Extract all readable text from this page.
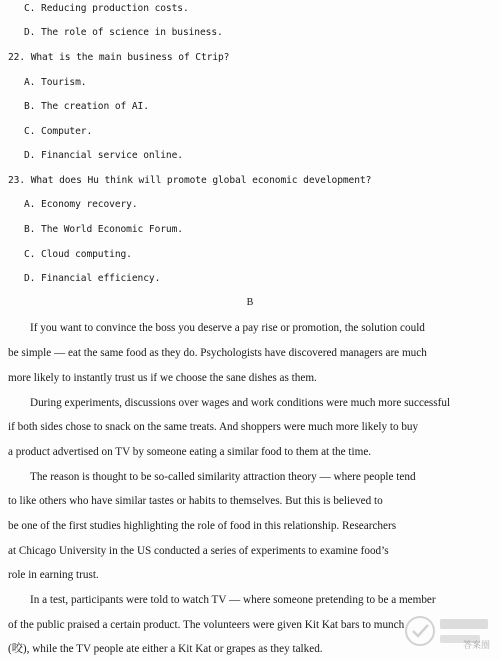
C. Reducing production costs.
D. The role of science in business.
22. What is the main business of Ctrip?
A. Tourism.
B. The creation of AI.
C. Computer.
D. Financial service online.
23. What does Hu think will promote global economic development?
A. Economy recovery.
B. The World Economic Forum.
C. Cloud computing.
D. Financial efficiency.
B
If you want to convince the boss you deserve a pay rise or promotion, the solution could
be simple — eat the same food as they do. Psychologists have discovered managers are much
more likely to instantly trust us if we choose the sane dishes as them.
During experiments, discussions over wages and work conditions were much more successful
if both sides chose to snack on the same treats. And shoppers were much more likely to buy
a product advertised on TV by someone eating a similar food to them at the time.
The reason is thought to be so-called similarity attraction theory — where people tend
to like others who have similar tastes or habits to themselves. But this is believed to
be one of the first studies highlighting the role of food in this relationship. Researchers
at Chicago University in the US conducted a series of experiments to examine food’s
role in earning trust.
In a test, participants were told to watch TV — where someone pretending to be a member
of the public praised a certain product. The volunteers were given Kit Kat bars to munch
(咬), while the TV people ate either a Kit Kat or grapes as they talked.	答案圈
